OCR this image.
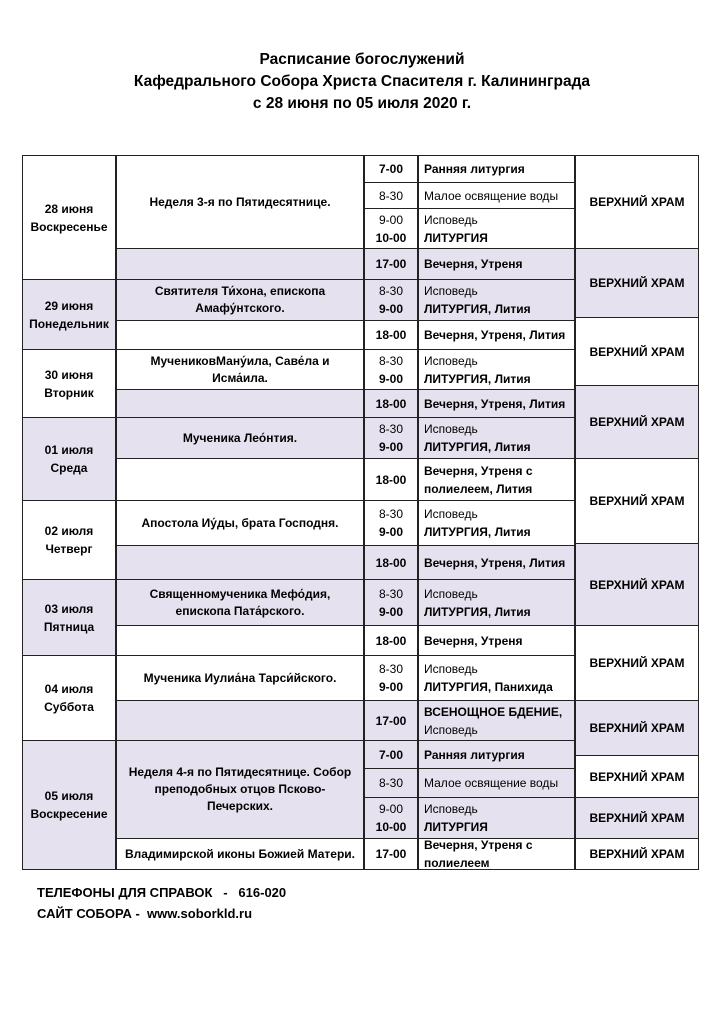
Расписание богослужений
Кафедрального Собора Христа Спасителя г. Калининграда
с 28 июня по 05 июля 2020 г.
28 июня
Воскресенье
29 июня
Понедельник
30 июня
Вторник
01 июля
Среда
02 июля
Четверг
03 июля
Пятница
04 июля
Суббота
05 июля
Воскресение
Неделя 3-я по Пятидесятнице.
Святителя Ти́хона, епископа Амафу́нтского.
МучениковМану́ила, Саве́ла и Исма́ила.
Мученика Лео́нтия.
Апостола Иу́ды, брата Господня.
Священномученика Мефо́дия, епископа Пата́рского.
Мученика Иулиа́на Тарси́йского.
Неделя 4-я по Пятидесятнице. Собор преподобных отцов Псково-Печерских.
Владимирской иконы Божией Матери.
7-00 Ранняя литургия
8-30 Малое освящение воды
9-00
10-00
Исповедь
ЛИТУРГИЯ
17-00 Вечерня, Утреня
8-30
9-00
Исповедь
ЛИТУРГИЯ, Лития
18-00 Вечерня, Утреня, Лития
8-30
9-00
Исповедь
ЛИТУРГИЯ, Лития
18-00 Вечерня, Утреня, Лития
8-30
9-00
Исповедь
ЛИТУРГИЯ, Лития
18-00
Вечерня, Утреня с
полиелеем, Лития
8-30
9-00
Исповедь
ЛИТУРГИЯ, Лития
18-00 Вечерня, Утреня, Лития
8-30
9-00
Исповедь
ЛИТУРГИЯ, Лития
18-00 Вечерня, Утреня
8-30
9-00
Исповедь
ЛИТУРГИЯ, Панихида
17-00
ВСЕНОЩНОЕ БДЕНИЕ,
Исповедь
7-00 Ранняя литургия
8-30 Малое освящение воды
9-00
10-00
Исповедь
ЛИТУРГИЯ
17-00
Вечерня, Утреня с
полиелеем
ВЕРХНИЙ ХРАМ
ВЕРХНИЙ ХРАМ
ВЕРХНИЙ ХРАМ
ВЕРХНИЙ ХРАМ
ВЕРХНИЙ ХРАМ
ВЕРХНИЙ ХРАМ
ВЕРХНИЙ ХРАМ
ВЕРХНИЙ ХРАМ
ВЕРХНИЙ ХРАМ
ВЕРХНИЙ ХРАМ
ВЕРХНИЙ ХРАМ
ТЕЛЕФОНЫ ДЛЯ СПРАВОК   -   616-020
САЙТ СОБОРА -  www.soborkld.ru
